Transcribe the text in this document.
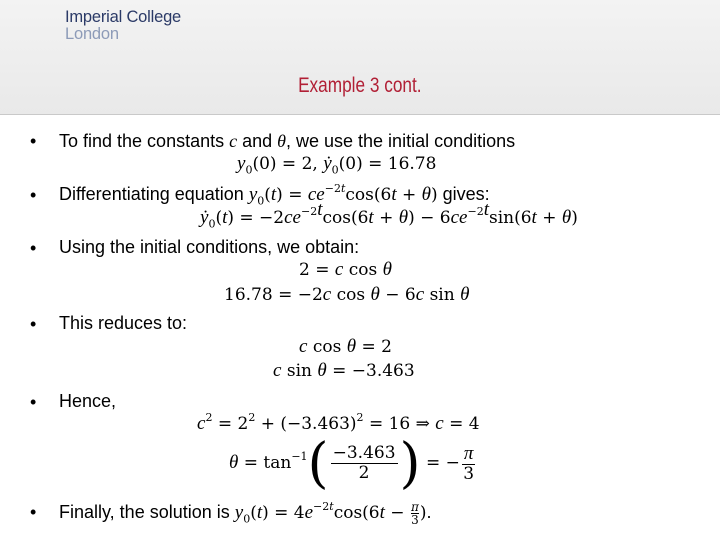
Imperial College
London
Example 3 cont.
• To find the constants c and θ, we use the initial conditions
$y_0(0) = 2$, ẏ$_0$(0) = 16.78
• Differentiating equation $y_0(t) = ce^{-2t}\cos(6t + \theta)$ gives:
ẏ$_0$(t) = $-2ce^{-2t}\cos(6t + \theta) - 6ce^{-2t}\sin(6t + \theta)$
• Using the initial conditions, we obtain:
2 = c cos θ
16.78 = −2c cos θ − 6c sin θ
• This reduces to:
c cos θ = 2
c sin θ = −3.463
• Hence,
$c^2 = 2^2 + (-3.463)^2 = 16$ ⇒ c = 4
$\theta = \tan^{-1}( \frac{-3.463}{2}$ ) = − $\frac{\pi}{3}$
• Finally, the solution is $y_0(t) = 4e^{-2t}\cos(6t - \frac{\pi}{3}$ ).
